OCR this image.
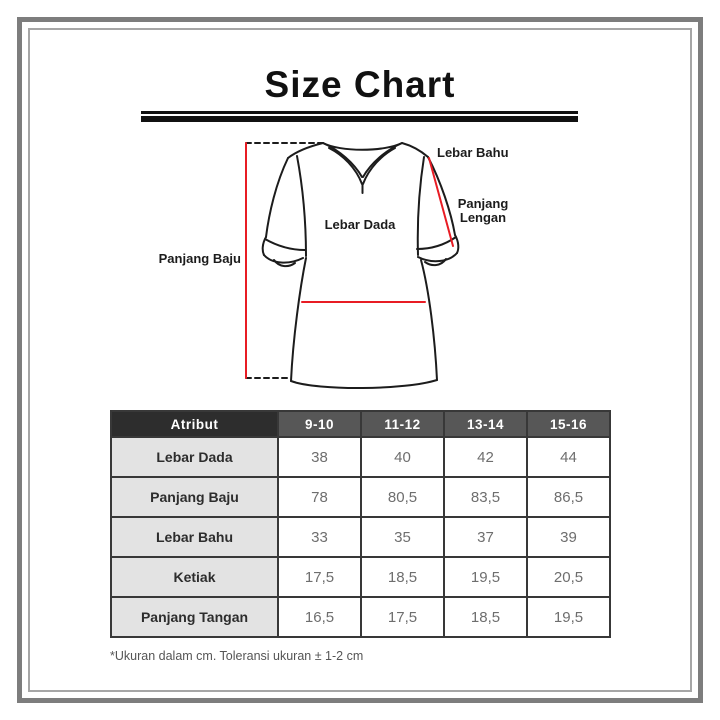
Size Chart
Panjang Baju
Lebar Dada
Lebar Bahu
Panjang
Lengan
Atribut	9-10	11-12	13-14	15-16
Lebar Dada	38	40	42	44
Panjang Baju	78	80,5	83,5	86,5
Lebar Bahu	33	35	37	39
Ketiak	17,5	18,5	19,5	20,5
Panjang Tangan	16,5	17,5	18,5	19,5
*Ukuran dalam cm. Toleransi ukuran ± 1-2 cm
